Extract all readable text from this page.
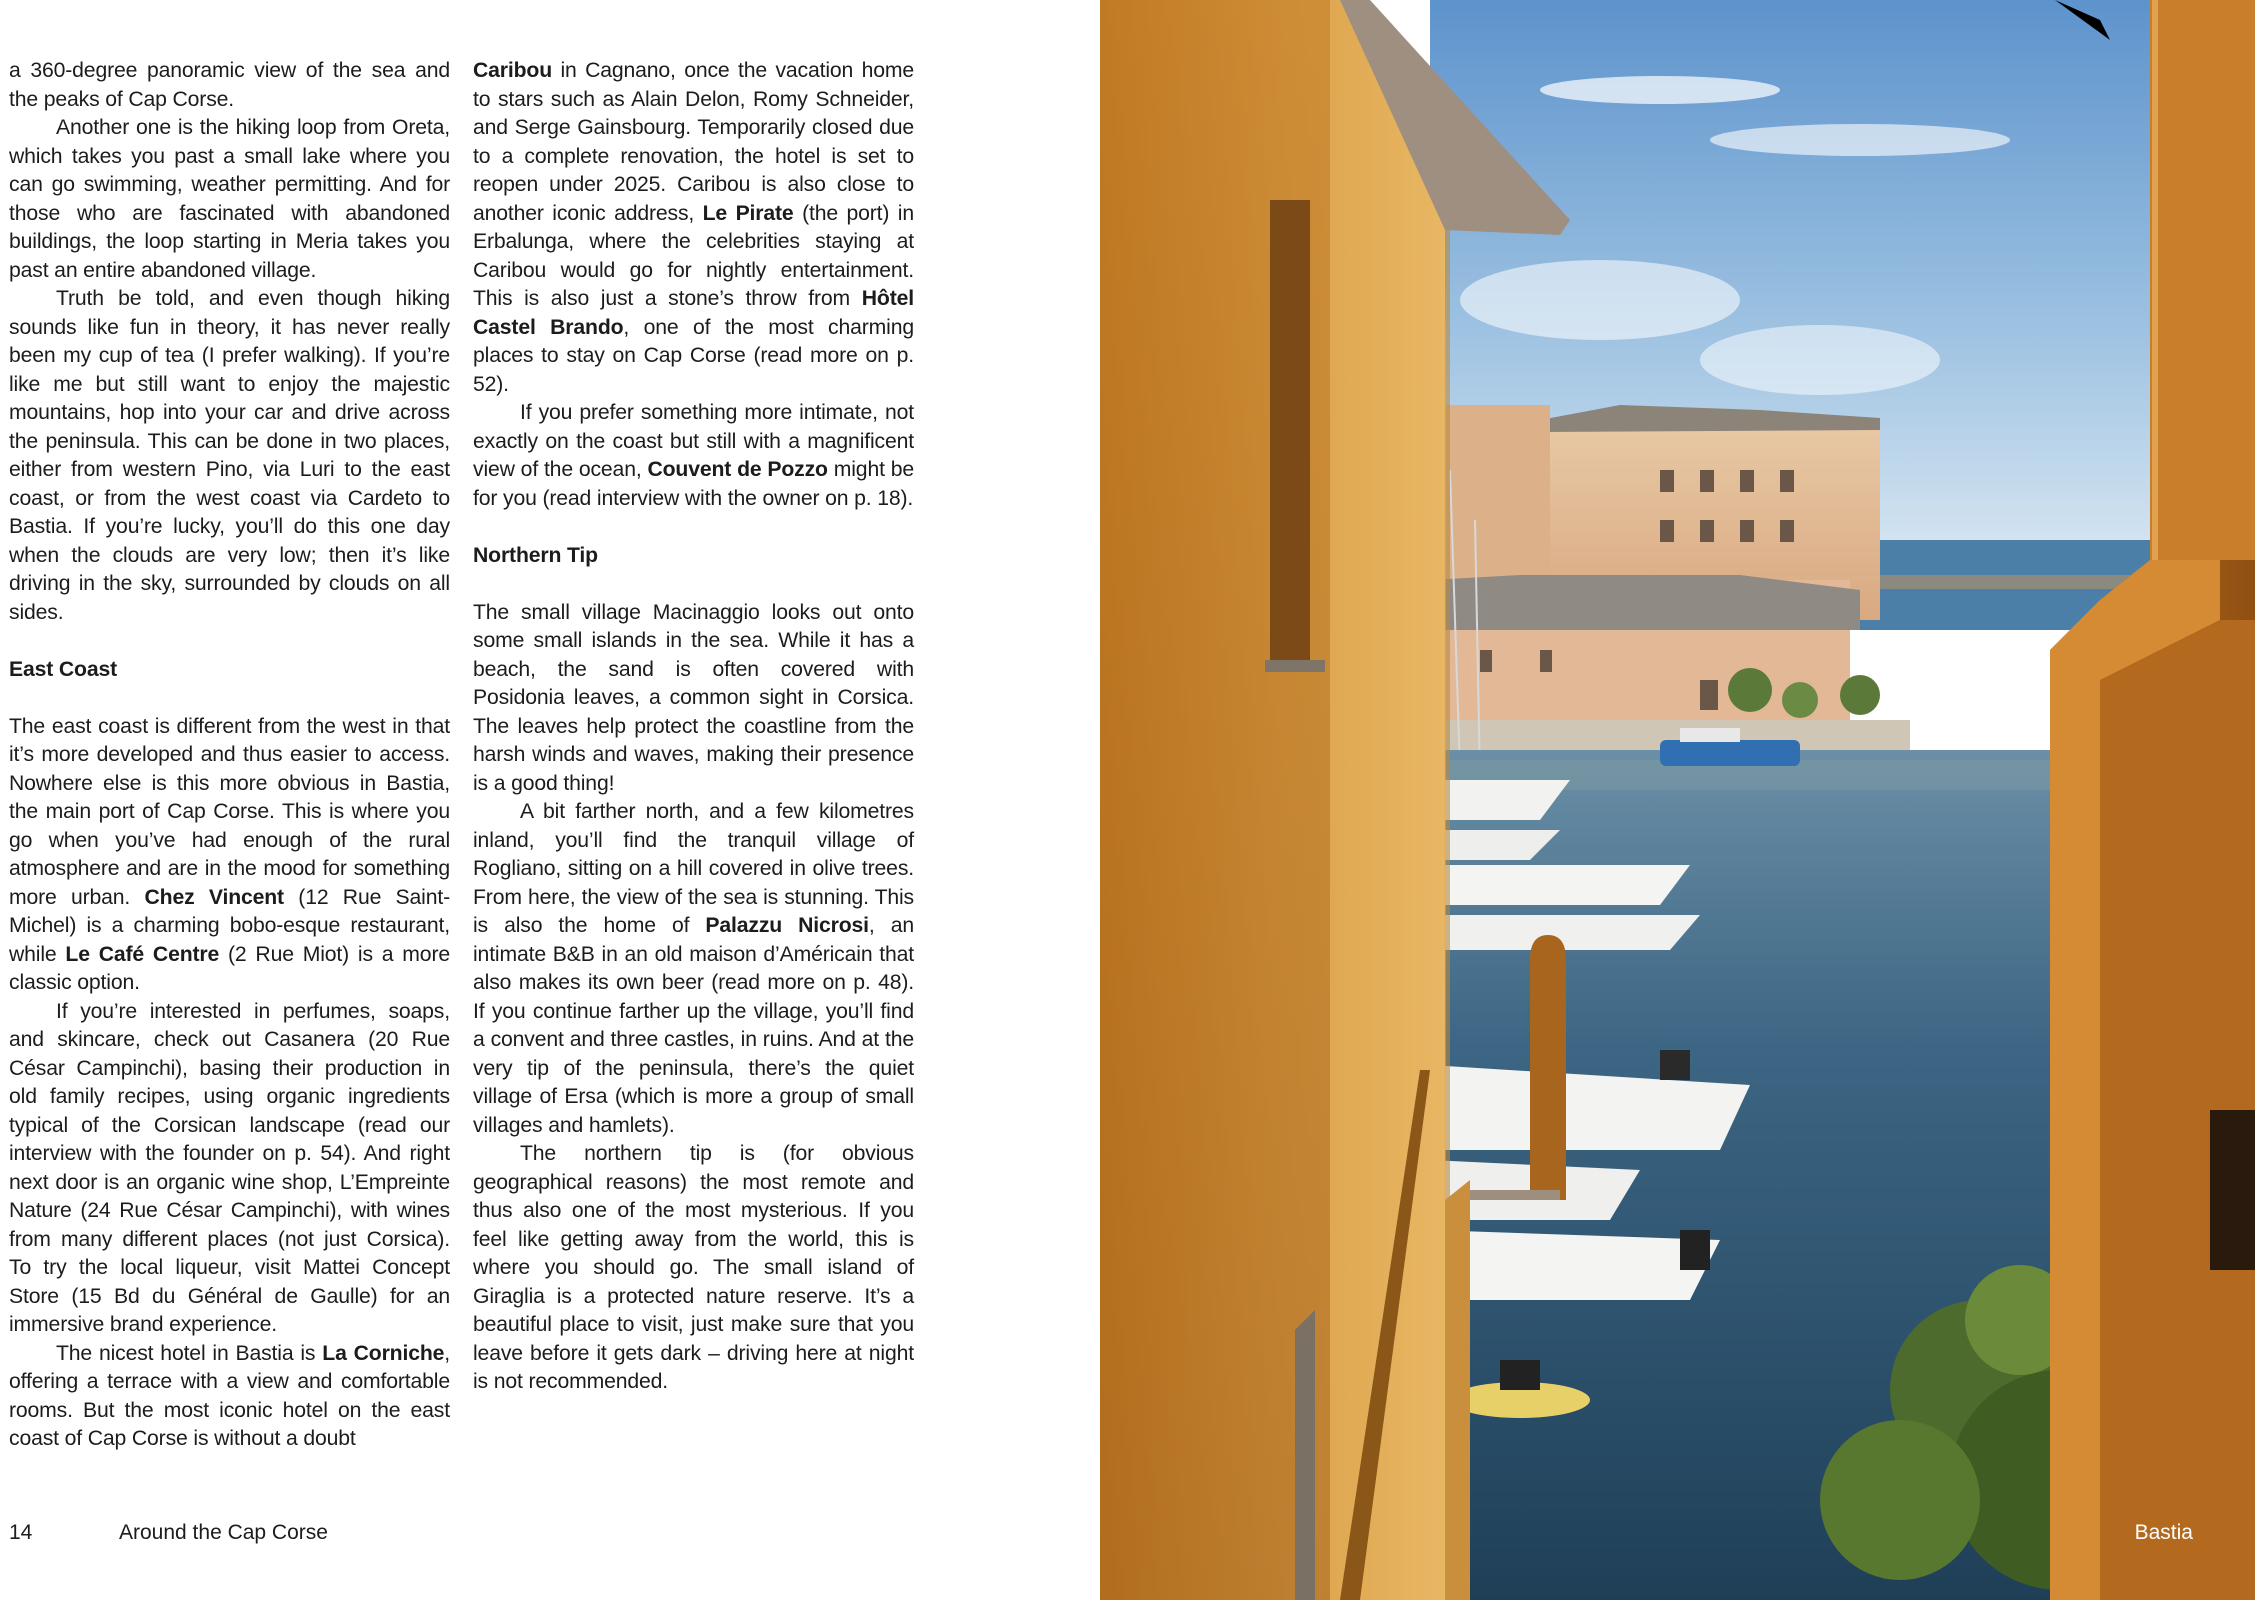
a 360-degree panoramic view of the sea and the peaks of Cap Corse.

Another one is the hiking loop from Oreta, which takes you past a small lake where you can go swimming, weather permitting. And for those who are fascinated with abandoned buildings, the loop starting in Meria takes you past an entire abandoned village.

Truth be told, and even though hiking sounds like fun in theory, it has never really been my cup of tea (I prefer walking). If you’re like me but still want to enjoy the majestic mountains, hop into your car and drive across the peninsula. This can be done in two places, either from western Pino, via Luri to the east coast, or from the west coast via Cardeto to Bastia. If you’re lucky, you’ll do this one day when the clouds are very low; then it’s like driving in the sky, surrounded by clouds on all sides.

East Coast

The east coast is different from the west in that it’s more developed and thus easier to access. Nowhere else is this more obvious in Bastia, the main port of Cap Corse. This is where you go when you’ve had enough of the rural atmosphere and are in the mood for something more urban. Chez Vincent (12 Rue Saint-Michel) is a charming bobo-esque restaurant, while Le Café Centre (2 Rue Miot) is a more classic option.

If you’re interested in perfumes, soaps, and skincare, check out Casanera (20 Rue César Campinchi), basing their production in old family recipes, using organic ingredients typical of the Corsican landscape (read our interview with the founder on p. 54). And right next door is an organic wine shop, L’Empreinte Nature (24 Rue César Campinchi), with wines from many different places (not just Corsica). To try the local liqueur, visit Mattei Concept Store (15 Bd du Général de Gaulle) for an immersive brand experience.

The nicest hotel in Bastia is La Corniche, offering a terrace with a view and comfortable rooms. But the most iconic hotel on the east coast of Cap Corse is without a doubt

Caribou in Cagnano, once the vacation home to stars such as Alain Delon, Romy Schneider, and Serge Gainsbourg. Temporarily closed due to a complete renovation, the hotel is set to reopen under 2025. Caribou is also close to another iconic address, Le Pirate (the port) in Erbalunga, where the celebrities staying at Caribou would go for nightly entertainment. This is also just a stone’s throw from Hôtel Castel Brando, one of the most charming places to stay on Cap Corse (read more on p. 52).

If you prefer something more intimate, not exactly on the coast but still with a magnificent view of the ocean, Couvent de Pozzo might be for you (read interview with the owner on p. 18).

Northern Tip

The small village Macinaggio looks out onto some small islands in the sea. While it has a beach, the sand is often covered with Posidonia leaves, a common sight in Corsica. The leaves help protect the coastline from the harsh winds and waves, making their presence is a good thing!

A bit farther north, and a few kilometres inland, you’ll find the tranquil village of Rogliano, sitting on a hill covered in olive trees. From here, the view of the sea is stunning. This is also the home of Palazzu Nicrosi, an intimate B&B in an old maison d’Américain that also makes its own beer (read more on p. 48). If you continue farther up the village, you’ll find a convent and three castles, in ruins. And at the very tip of the peninsula, there’s the quiet village of Ersa (which is more a group of small villages and hamlets).

The northern tip is (for obvious geographical reasons) the most remote and thus also one of the most mysterious. If you feel like getting away from the world, this is where you should go. The small island of Giraglia is a protected nature reserve. It’s a beautiful place to visit, just make sure that you leave before it gets dark – driving here at night is not recommended.

14	Around the Cap Corse	Bastia
